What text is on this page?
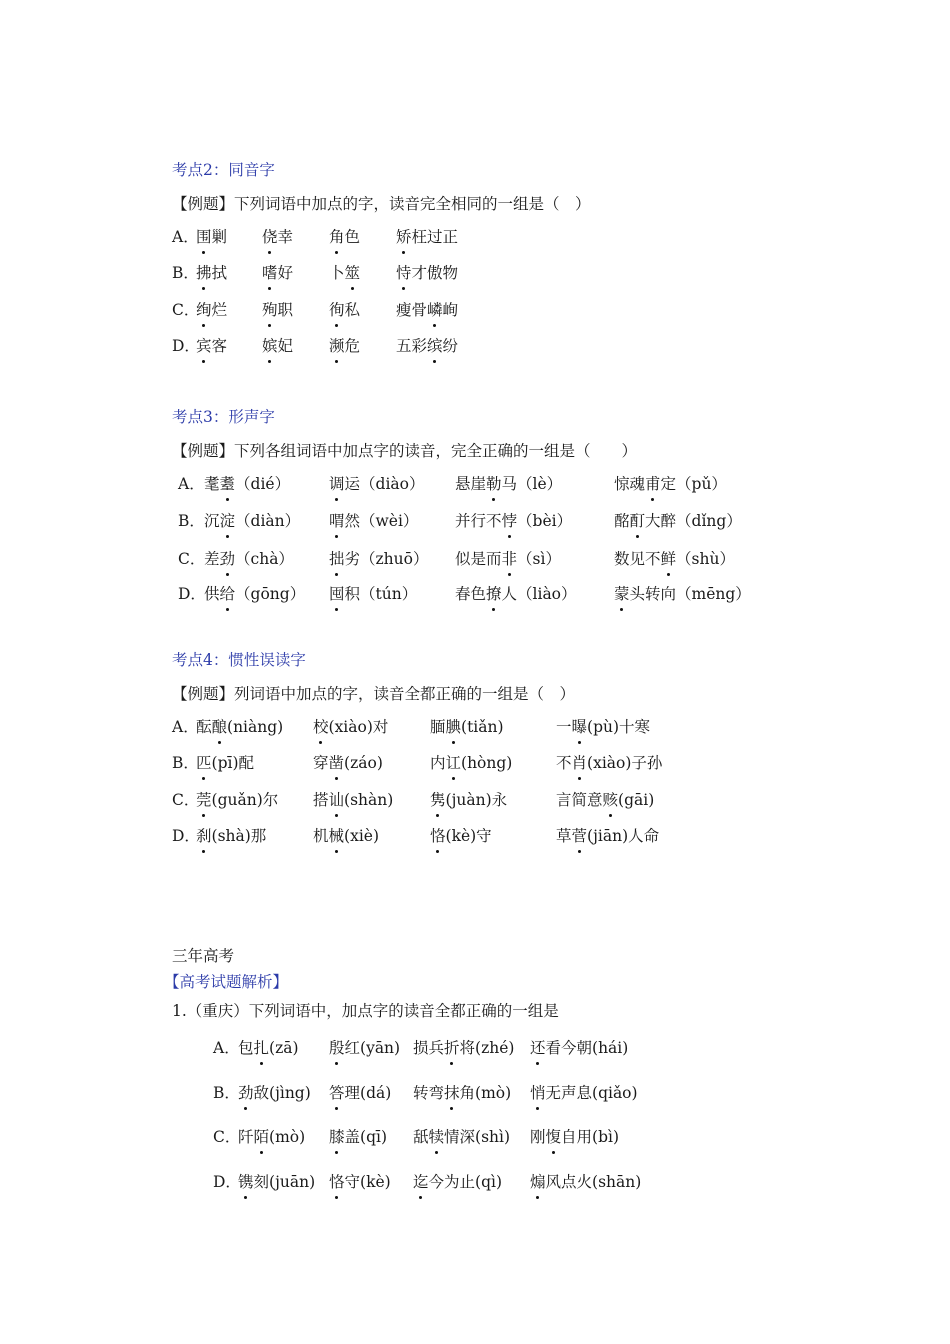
考点2：同音字
【例题】下列词语中加点的字，读音完全相同的一组是（　）
A．
围剿 侥幸 角色 矫枉过正
B．
拂拭 嗜好 卜筮 恃才傲物
C．
绚烂 殉职 徇私 瘦骨嶙峋
D．
宾客 嫔妃 濒危 五彩缤纷
考点3：形声字
【例题】下列各组词语中加点字的读音，完全正确的一组是（　　）
A． 耄耋（dié）	调运（diào） 悬崖勒马（lè）	惊魂甫定（pǔ）
B． 沉淀（diàn） 喟然（wèi） 并行不悖（bèi）	酩酊大醉（dǐng）
C．
差劲（chà） 拙劣（zhuō） 似是而非（sì）	数见不鲜（shù）
D．
供给（gōng） 囤积（tún） 春色撩人（liào） 蒙头转向（mēng）
考点4：惯性误读字
【例题】列词语中加点的字，读音全都正确的一组是（　）
A．
酝酿(niàng) 校(xiào)对	腼腆(tiǎn)	一曝(pù)十寒
B．
匹(pī)配	穿凿(záo)	内讧(hòng)	不肖(xiào)子孙
C．
莞(guǎn)尔 搭讪(shàn) 隽(juàn)永	言简意赅(gāi)
D．
刹(shà)那	机械(xiè)	恪(kè)守	草菅(jiān)人命
三年高考
【高考试题解析】
1.（重庆）下列词语中，加点字的读音全都正确的一组是
A．
包扎(zā) 殷红(yān) 损兵折将(zhé) 还看今朝(hái)
B．
劲敌(jìng) 答理(dá) 转弯抹角(mò) 悄无声息(qiǎo)
C．
阡陌(mò) 膝盖(qī) 舐犊情深(shì) 刚愎自用(bì)
D．
镌刻(juān) 恪守(kè) 迄今为止(qì) 煽风点火(shān)
